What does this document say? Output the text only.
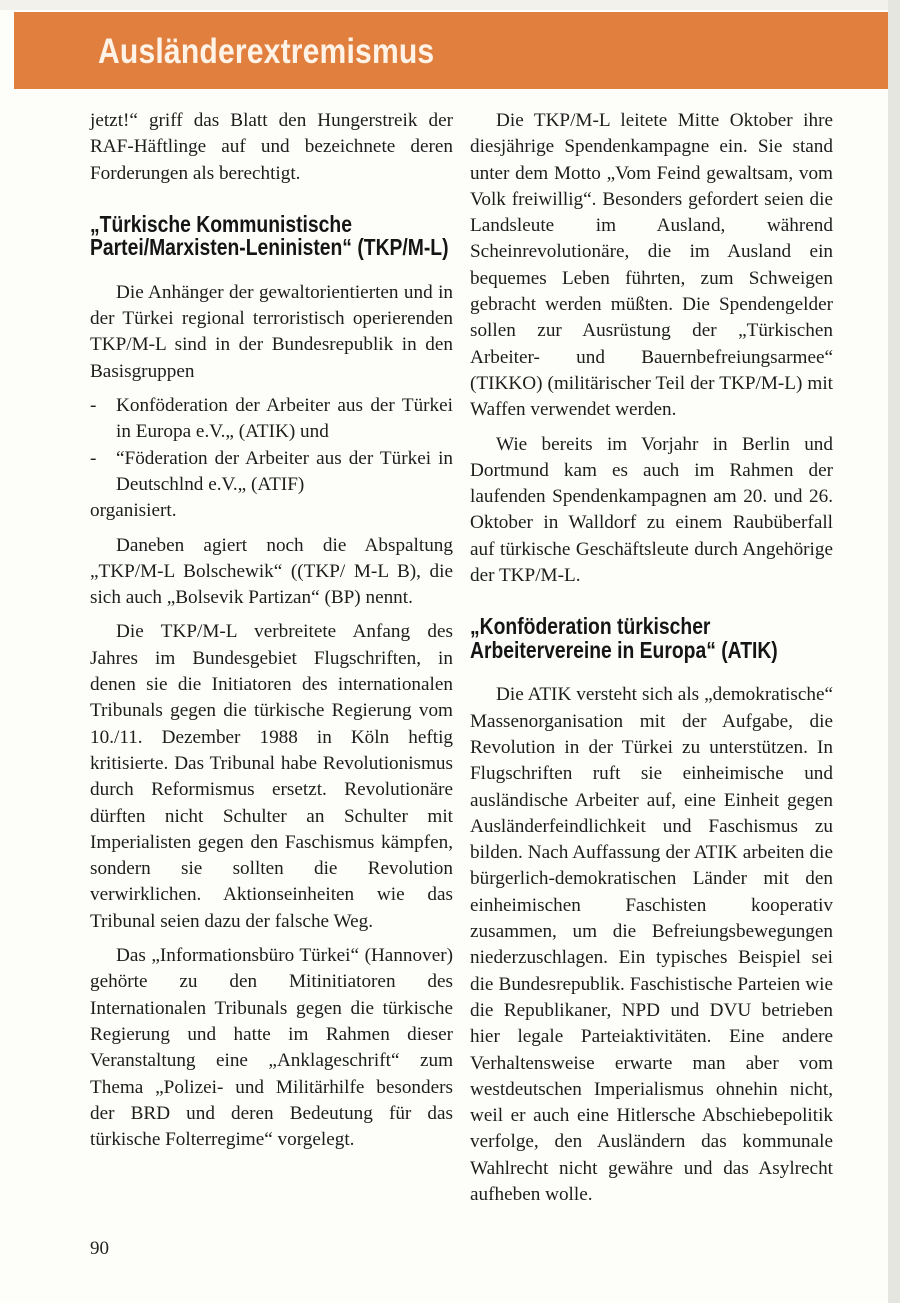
Ausländerextremismus

jetzt!“ griff das Blatt den Hungerstreik der RAF-Häftlinge auf und bezeichnete deren Forderungen als berechtigt.

„Türkische Kommunistische Partei/Marxisten-Leninisten“ (TKP/M-L)

Die Anhänger der gewaltorientierten und in der Türkei regional terroristisch operierenden TKP/M-L sind in der Bundesrepublik in den Basisgruppen

- Konföderation der Arbeiter aus der Türkei in Europa e.V.„ (ATIK) und
- “Föderation der Arbeiter aus der Türkei in Deutschlnd e.V.„ (ATIF)
organisiert.

Daneben agiert noch die Abspaltung „TKP/M-L Bolschewik“ ((TKP/ M-L B), die sich auch „Bolsevik Partizan“ (BP) nennt.

Die TKP/M-L verbreitete Anfang des Jahres im Bundesgebiet Flugschriften, in denen sie die Initiatoren des internationalen Tribunals gegen die türkische Regierung vom 10./11. Dezember 1988 in Köln heftig kritisierte. Das Tribunal habe Revolutionismus durch Reformismus ersetzt. Revolutionäre dürften nicht Schulter an Schulter mit Imperialisten gegen den Faschismus kämpfen, sondern sie sollten die Revolution verwirklichen. Aktionseinheiten wie das Tribunal seien dazu der falsche Weg.

Das „Informationsbüro Türkei“ (Hannover) gehörte zu den Mitinitiatoren des Internationalen Tribunals gegen die türkische Regierung und hatte im Rahmen dieser Veranstaltung eine „Anklageschrift“ zum Thema „Polizei- und Militärhilfe besonders der BRD und deren Bedeutung für das türkische Folterregime“ vorgelegt.

Die TKP/M-L leitete Mitte Oktober ihre diesjährige Spendenkampagne ein. Sie stand unter dem Motto „Vom Feind gewaltsam, vom Volk freiwillig“. Besonders gefordert seien die Landsleute im Ausland, während Scheinrevolutionäre, die im Ausland ein bequemes Leben führten, zum Schweigen gebracht werden müßten. Die Spendengelder sollen zur Ausrüstung der „Türkischen Arbeiter- und Bauernbefreiungsarmee“ (TIKKO) (militärischer Teil der TKP/M-L) mit Waffen verwendet werden.

Wie bereits im Vorjahr in Berlin und Dortmund kam es auch im Rahmen der laufenden Spendenkampagnen am 20. und 26. Oktober in Walldorf zu einem Raubüberfall auf türkische Geschäftsleute durch Angehörige der TKP/M-L.

„Konföderation türkischer Arbeitervereine in Europa“ (ATIK)

Die ATIK versteht sich als „demokratische“ Massenorganisation mit der Aufgabe, die Revolution in der Türkei zu unterstützen. In Flugschriften ruft sie einheimische und ausländische Arbeiter auf, eine Einheit gegen Ausländerfeindlichkeit und Faschismus zu bilden. Nach Auffassung der ATIK arbeiten die bürgerlich-demokratischen Länder mit den einheimischen Faschisten kooperativ zusammen, um die Befreiungsbewegungen niederzuschlagen. Ein typisches Beispiel sei die Bundesrepublik. Faschistische Parteien wie die Republikaner, NPD und DVU betrieben hier legale Parteiaktivitäten. Eine andere Verhaltensweise erwarte man aber vom westdeutschen Imperialismus ohnehin nicht, weil er auch eine Hitlersche Abschiebepolitik verfolge, den Ausländern das kommunale Wahlrecht nicht gewähre und das Asylrecht aufheben wolle.

90
